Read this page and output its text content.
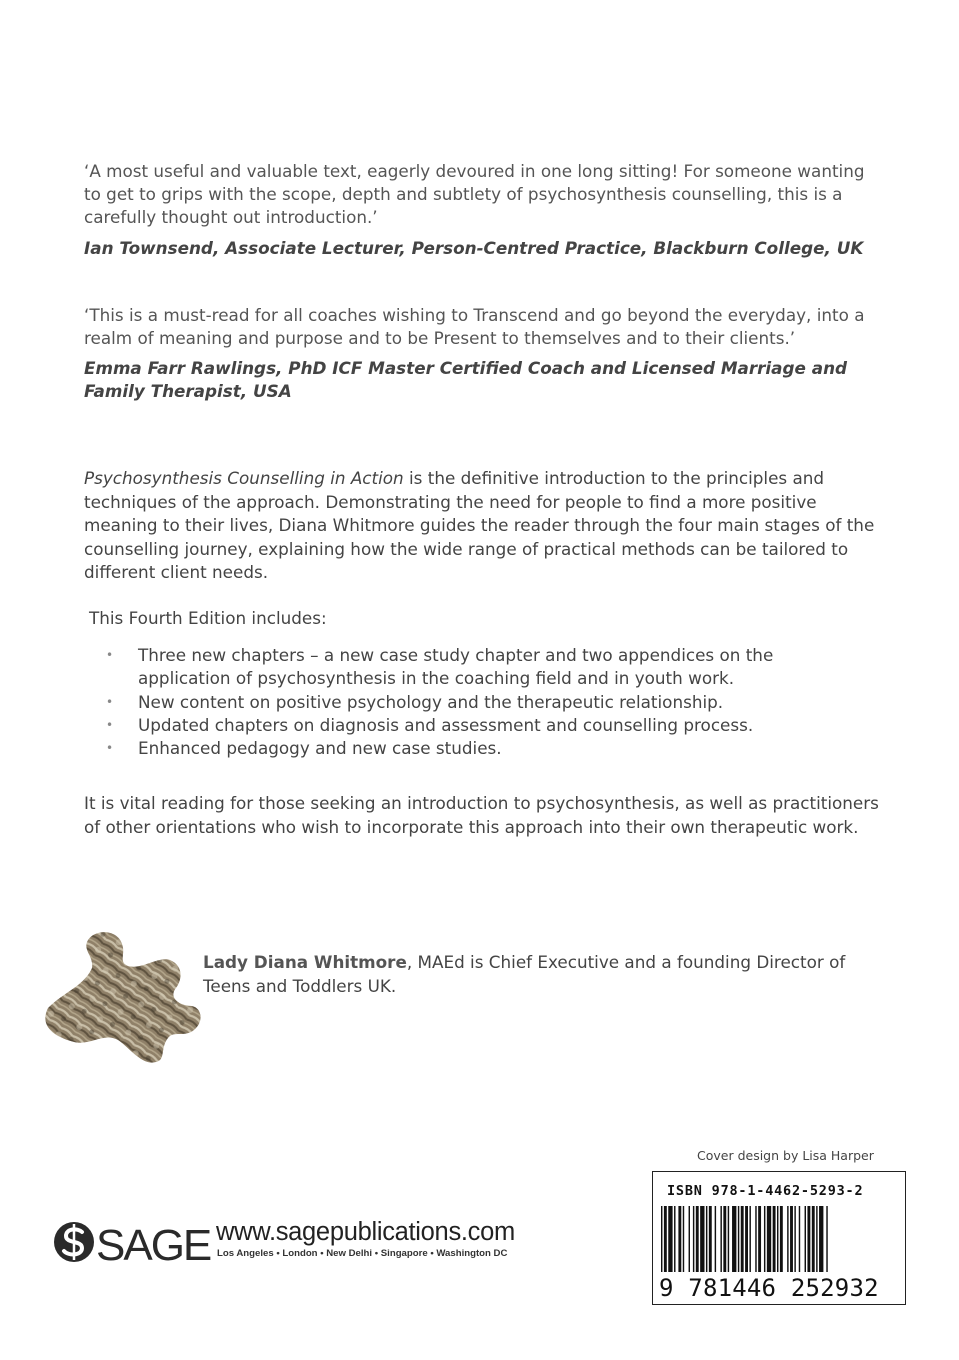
‘A most useful and valuable text, eagerly devoured in one long sitting! For someone wanting to get to grips with the scope, depth and subtlety of psychosynthesis counselling, this is a carefully thought out introduction.’
Ian Townsend, Associate Lecturer, Person-Centred Practice, Blackburn College, UK
‘This is a must-read for all coaches wishing to Transcend and go beyond the everyday, into a realm of meaning and purpose and to be Present to themselves and to their clients.’
Emma Farr Rawlings, PhD ICF Master Certified Coach and Licensed Marriage and Family Therapist, USA
Psychosynthesis Counselling in Action is the definitive introduction to the principles and techniques of the approach. Demonstrating the need for people to find a more positive meaning to their lives, Diana Whitmore guides the reader through the four main stages of the counselling journey, explaining how the wide range of practical methods can be tailored to different client needs.
This Fourth Edition includes:
• Three new chapters – a new case study chapter and two appendices on the application of psychosynthesis in the coaching field and in youth work.
• New content on positive psychology and the therapeutic relationship.
• Updated chapters on diagnosis and assessment and counselling process.
• Enhanced pedagogy and new case studies.
It is vital reading for those seeking an introduction to psychosynthesis, as well as practitioners of other orientations who wish to incorporate this approach into their own therapeutic work.
Lady Diana Whitmore, MAEd is Chief Executive and a founding Director of Teens and Toddlers UK.
Cover design by Lisa Harper
ISBN 978-1-4462-5293-2
9 781446 252932
SAGE www.sagepublications.com
Los Angeles • London • New Delhi • Singapore • Washington DC
